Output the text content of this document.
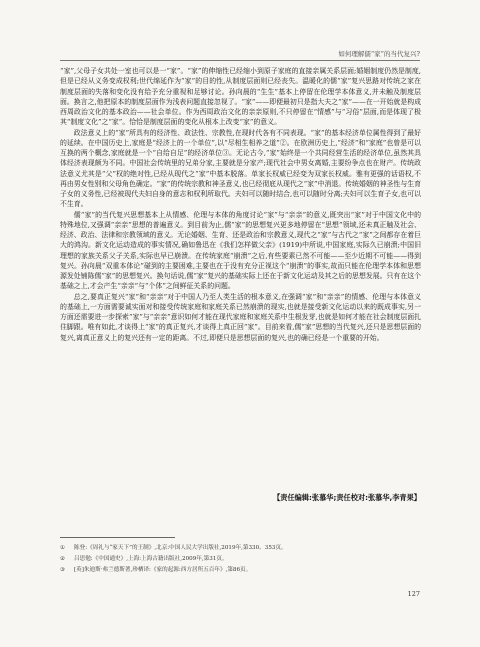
如何理解儒“家”的当代复兴?

“家”,父母子女共处一室也可以是一“家”。“家”的伸缩性已经缩小到原子家庭的直接亲属关系层面;婚姻制度仍然是制度,但是已经从义务变成权利;世代绵延作为“家”的目的性,从制度层面则已经丧失。温暖化的儒“家”复兴思路对传统之家在制度层面的失落和变化没有给予充分重视和足够讨论。孙向晨的“生生”基本上停留在伦理学本体意义,并未触及制度层面。换言之,他把原本的制度层面作为浅表问题直接忽视了。“家”——即便最初只是指大夫之“家”——在一开始就是构成西周政治文化的基本政治——社会单位。作为西周政治文化的亲亲原则,不只停留在“情感”与“习俗”层面,而是体现了极其“制度文化”之“家”。恰恰是制度层面的变化从根本上改变“家”的意义。

政法意义上的“家”所具有的经济性、政法性、宗教性,在现时代各有不同表现。“家”的基本经济单位属性得到了最好的延续。在中国历史上,家庭是“经济上的一个单位”,以“尽相生相养之道”②。在欧洲历史上,“经济”和“家庭”也曾是可以互换的两个概念,家庭就是一个“自给自足”的经济单位③。无论古今,“家”始终是一个共同经营生活的经济单位,虽然其具体经济表现颇为不同。中国社会传统里的兄弟分家,主要就是分家产;现代社会中男女离婚,主要纷争点也在财产。传统政法意义尤其是“父”权的绝对性,已经从现代之“家”中基本脱落。单家长权威已经变为双家长权威。雅有更强的话语权,不再由男女性别和父母角色确定。“家”的传统宗教和神圣意义,也已经彻底从现代之“家”中消退。传统婚姻的神圣性与生育子女的义务性,已经被现代夫妇自身的意志和权利所取代。夫妇可以随时结合,也可以随时分离;夫妇可以生育子女,也可以不生育。

儒“家”的当代复兴思想基本上从情感、伦理与本体的角度讨论“家”与“亲亲”的意义,既突出“家”对于中国文化中的特殊地位,又强调“亲亲”思想的普遍意义。到目前为止,儒“家”的思想复兴更多地停留在“思想”领域,还未真正触及社会、经济、政治、法律和宗教领域的意义。无论婚姻、生育、还是政治和宗教意义,现代之“家”与古代之“家”之间都存在着巨大的鸿沟。新文化运动造成的事实情况,确如鲁迅在《我们怎样做父亲》(1919)中所说,中国家庭,实际久已崩溃;中国旧理想的家族关系父子关系,实际也早已崩溃。在传统家庭“崩溃”之后,有些要素已然不可能——至少近期不可能——得到复兴。孙向晨“双重本体论”碰到的主要困难,主要也在于没有充分正视这个“崩溃”的事实,故而只能在伦理学本体和思想源发处铺陈儒“家”的思想复兴。换句话说,儒“家”复兴的基础实际上还在于新文化运动及其之后的思想发展。只有在这个基础之上,才会产生“亲亲”与“个体”之间鲜征关系的问题。

总之,要真正复兴“家”和“亲亲”对于中国人乃至人类生活的根本意义,在强调“家”和“亲亲”的情感、伦理与本体意义的基础上,一方面需要诚实面对和接受传统家庭和家庭关系已然崩溃的现实,也就是接受新文化运动以来的既成事实,另一方面还需要进一步探索“家”与“亲亲”意识如何才能在现代家庭和家庭关系中生根发芽,也就是如何才能在社会制度层面扎住脚跟。唯有如此,才谈得上“家”的真正复兴,才谈得上真正回“家”。目前来看,儒“家”思想的当代复兴,还只是思想层面的复兴,离真正意义上的复兴还有一定的距离。不过,即便只是思想层面的复兴,也的确已经是一个重要的开始。

【责任编辑:张慕华;责任校对:张慕华,李青果】
① 陈登:《周礼与“家天下”的王制》,北京:中国人民大学出版社,2019年,第330、353页。
② 吕思勉:《中国通史》,上海:上海古籍出版社,2009年,第31页。
③ [英]朱迪斯·弗兰德斯著,珍栖译:《家的起源:西方居所五百年》,第86页。
127
